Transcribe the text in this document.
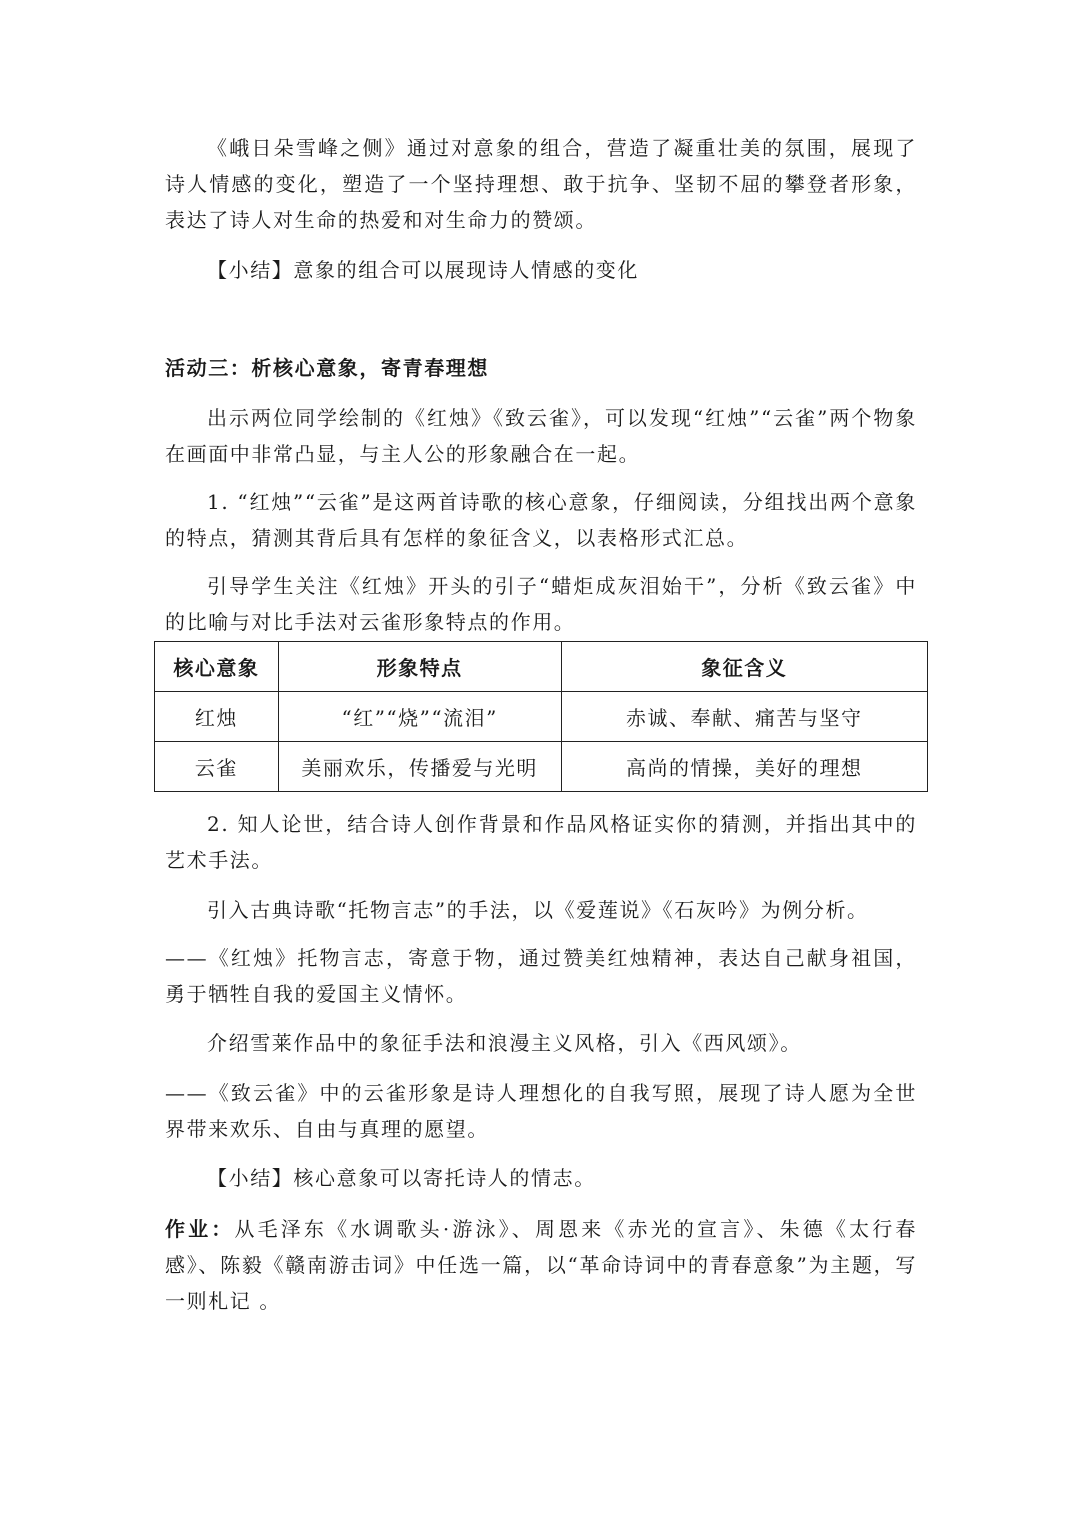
《峨日朵雪峰之侧》通过对意象的组合，营造了凝重壮美的氛围，展现了诗人情感的变化，塑造了一个坚持理想、敢于抗争、坚韧不屈的攀登者形象，表达了诗人对生命的热爱和对生命力的赞颂。

【小结】意象的组合可以展现诗人情感的变化

活动三：析核心意象，寄青春理想

出示两位同学绘制的《红烛》《致云雀》，可以发现“红烛”“云雀”两个物象在画面中非常凸显，与主人公的形象融合在一起。

1. “红烛”“云雀”是这两首诗歌的核心意象，仔细阅读，分组找出两个意象的特点，猜测其背后具有怎样的象征含义，以表格形式汇总。

引导学生关注《红烛》开头的引子“蜡炬成灰泪始干”，分析《致云雀》中的比喻与对比手法对云雀形象特点的作用。

核心意象	形象特点	象征含义
红烛	“红”“烧”“流泪”	赤诚、奉献、痛苦与坚守
云雀	美丽欢乐，传播爱与光明	高尚的情操，美好的理想

2. 知人论世，结合诗人创作背景和作品风格证实你的猜测，并指出其中的艺术手法。

引入古典诗歌“托物言志”的手法，以《爱莲说》《石灰吟》为例分析。

——《红烛》托物言志，寄意于物，通过赞美红烛精神，表达自己献身祖国，勇于牺牲自我的爱国主义情怀。

介绍雪莱作品中的象征手法和浪漫主义风格，引入《西风颂》。

——《致云雀》中的云雀形象是诗人理想化的自我写照，展现了诗人愿为全世界带来欢乐、自由与真理的愿望。

【小结】核心意象可以寄托诗人的情志。

作业：从毛泽东《水调歌头·游泳》、周恩来《赤光的宣言》、朱德《太行春感》、陈毅《赣南游击词》中任选一篇，以“革命诗词中的青春意象”为主题，写一则札记 。
